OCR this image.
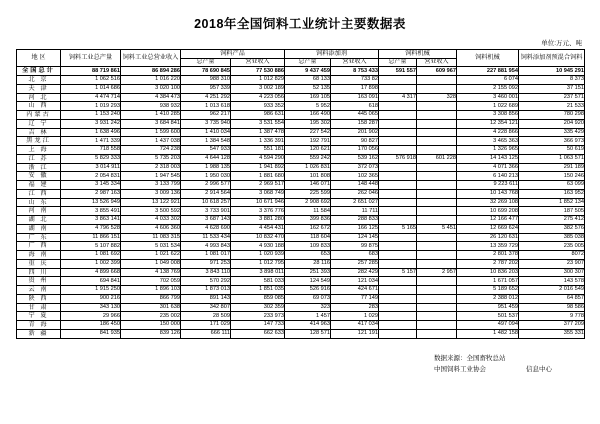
2018年全国饲料工业统计主要数据表
单位:万元、吨
地 区	饲料工业总产量	饲料工业总营业收入	饲料产品		饲料添加剂		饲料机械		饲料机械	饲料添加剂预混合饲料
			总产量	营业收入	总产量	营业收入	总产量	营业收入		
全国总计	88 719 861	86 894 286	78 690 845	77 530 886	9 437 459	8 753 433	591 557	609 967	227 881 954	10 945 291
北 京	1 062 516	1 016 220	988 310	1 012 829	68 133	733 82			6 074	8 373
天 津	1 014 686	3 020 100	957 339	3 002 189	52 135	17 898			2 155 092	37 151
河 北	4 474 714	4 384 473	4 251 292	4 223 056	169 105	163 091	4 317	328	3 460 001	237 571
山 西	1 019 293	938 932	1 013 618	933 352	5 952	618			1 022 689	21 533
内蒙古	1 153 240	1 410 285	962 217	986 631	166 490	445 065			3 308 856	780 298
辽 宁	3 931 242	3 684 841	3 735 940	3 531 554	195 302	158 287			12 354 121	204 920
吉 林	1 638 496	1 599 600	1 410 034	1 387 478	227 542	201 902			4 228 866	335 429
黑龙江	1 471 339	1 437 038	1 384 548	1 336 391	192 791	90 827			3 465 363	366 973
上 海	718 558	724 238	547 933	551 181	120 621	170 056			1 326 965	50 619
江 苏	5 829 333	5 735 203	4 644 128	4 594 290	559 242	539 162	576 918	601 228	14 143 125	1 063 571
浙 江	3 014 911	2 318 003	1 988 135	1 941 892	1 026 831	372 073			4 071 366	291 189
安 徽	2 054 831	1 947 545	1 950 030	1 881 680	101 808	102 365			6 140 213	150 246
福 建	3 145 334	3 133 799	2 996 577	2 969 517	146 071	148 448			9 223 611	63 099
江 西	2 987 163	3 009 136	2 914 564	3 068 749	225 599	262 046			10 143 768	163 952
山 东	13 526 949	13 122 921	10 618 257	10 671 946	2 908 692	2 651 027			32 269 108	1 852 134
河 南	3 855 491	3 500 592	3 733 901	3 376 776	11 584	11 711			10 699 208	187 505
湖 北	3 863 141	4 033 302	3 687 143	3 881 280	399 836	288 833			12 166 477	275 412
湖 南	4 796 528	4 606 360	4 628 690	4 454 431	162 672	166 125	5 165	5 451	12 669 624	382 576
广 东	11 866 151	11 083 315	11 533 434	10 832 470	118 604	124 145			26 120 631	385 038
广 西	5 107 882	5 031 534	4 993 843	4 930 188	109 833	99 875			13 359 729	235 005
海 南	1 081 692	1 021 622	1 081 017	1 020 939	653	683			2 801 378	8072
重 庆	1 002 399	1 049 008	971 253	1 012 795	28 116	257 285			2 787 202	23 907
四 川	4 899 668	4 138 769	3 843 110	3 898 011	251 393	282 429	5 157	2 957	10 836 203	300 307
贵 州	694 841	702 059	570 292	581 033	124 549	121 034			1 671 057	143 578
云 南	1 915 250	1 896 103	1 873 013	1 851 035	526 916	424 671			5 189 652	2 016 549
陕 西	900 216	866 799	891 143	859 085	69 073	77 149			2 388 012	64 857
甘 肃	343 130	301 638	342 807	302 359	323	283			951 459	98 586
宁 夏	29 966	235 002	28 509	233 973	1 457	1 029			501 537	9 778
青 海	186 450	150 000	171 029	147 733	414 963	417 034			497 094	377 209
新 疆	841 935	839 126	666 111	662 633	128 571	121 191			1 482 158	355 331
数据来源：全国畜牧总站
中国饲料工业协会	信息中心
